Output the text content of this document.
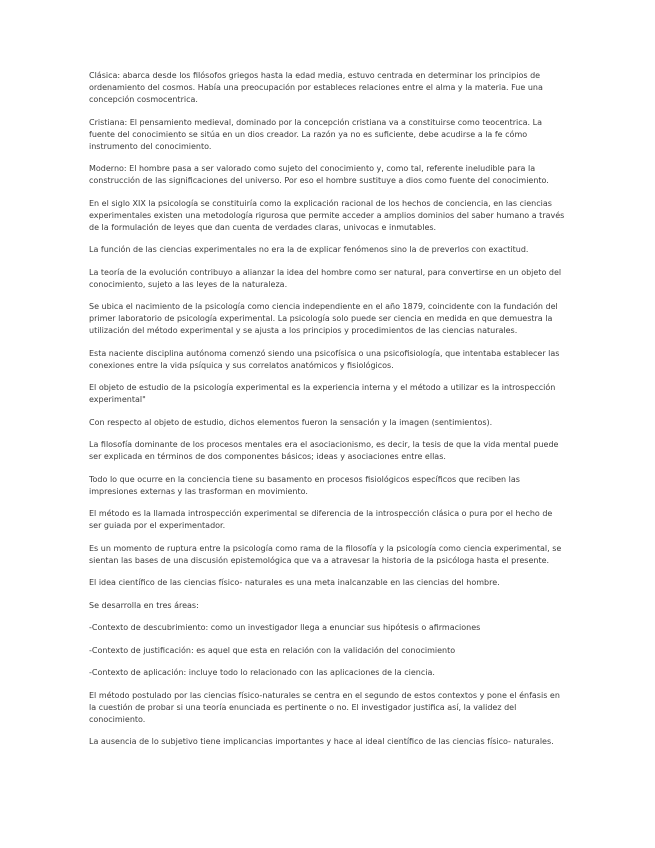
Clásica: abarca desde los filósofos griegos hasta la edad media, estuvo centrada en determinar los principios de ordenamiento del cosmos. Había una preocupación por estableces relaciones entre el alma y la materia. Fue una concepción cosmocentrica.

Cristiana: El pensamiento medieval, dominado por la concepción cristiana va a constituirse como teocentrica. La fuente del conocimiento se sitúa en un dios creador. La razón ya no es suficiente, debe acudirse a la fe cómo instrumento del conocimiento.

Moderno: El hombre pasa a ser valorado como sujeto del conocimiento y, como tal, referente ineludible para la construcción de las significaciones del universo. Por eso el hombre sustituye a dios como fuente del conocimiento.

En el siglo XIX la psicología se constituiría como la explicación racional de los hechos de conciencia, en las ciencias experimentales existen una metodología rigurosa que permite acceder a amplios dominios del saber humano a través de la formulación de leyes que dan cuenta de verdades claras, univocas e inmutables.

La función de las ciencias experimentales no era la de explicar fenómenos sino la de preverlos con exactitud.

La teoría de la evolución contribuyo a alianzar la idea del hombre como ser natural, para convertirse en un objeto del conocimiento, sujeto a las leyes de la naturaleza.

Se ubica el nacimiento de la psicología como ciencia independiente en el año 1879, coincidente con la fundación del primer laboratorio de psicología experimental. La psicología solo puede ser ciencia en medida en que demuestra la utilización del método experimental y se ajusta a los principios y procedimientos de las ciencias naturales.

Esta naciente disciplina autónoma comenzó siendo una psicofísica o una psicofisiología, que intentaba establecer las conexiones entre la vida psíquica y sus correlatos anatómicos y fisiológicos.

El objeto de estudio de la psicología experimental es la experiencia interna y el método a utilizar es la introspección experimental"

Con respecto al objeto de estudio, dichos elementos fueron la sensación y la imagen (sentimientos).

La filosofía dominante de los procesos mentales era el asociacionismo, es decir, la tesis de que la vida mental puede ser explicada en términos de dos componentes básicos; ideas y asociaciones entre ellas.

Todo lo que ocurre en la conciencia tiene su basamento en procesos fisiológicos específicos que reciben las impresiones externas y las trasforman en movimiento.

El método es la llamada introspección experimental se diferencia de la introspección clásica o pura por el hecho de ser guiada por el experimentador.

Es un momento de ruptura entre la psicología como rama de la filosofía y la psicología como ciencia experimental, se sientan las bases de una discusión epistemológica que va a atravesar la historia de la psicóloga hasta el presente.

El idea científico de las ciencias físico- naturales es una meta inalcanzable en las ciencias del hombre.

Se desarrolla en tres áreas:

-Contexto de descubrimiento: como un investigador llega a enunciar sus hipótesis o afirmaciones

-Contexto de justificación: es aquel que esta en relación con la validación del conocimiento

-Contexto de aplicación: incluye todo lo relacionado con las aplicaciones de la ciencia.

El método postulado por las ciencias físico-naturales se centra en el segundo de estos contextos y pone el énfasis en la cuestión de probar si una teoría enunciada es pertinente o no. El investigador justifica así, la validez del conocimiento.

La ausencia de lo subjetivo tiene implicancias importantes y hace al ideal científico de las ciencias físico- naturales.
